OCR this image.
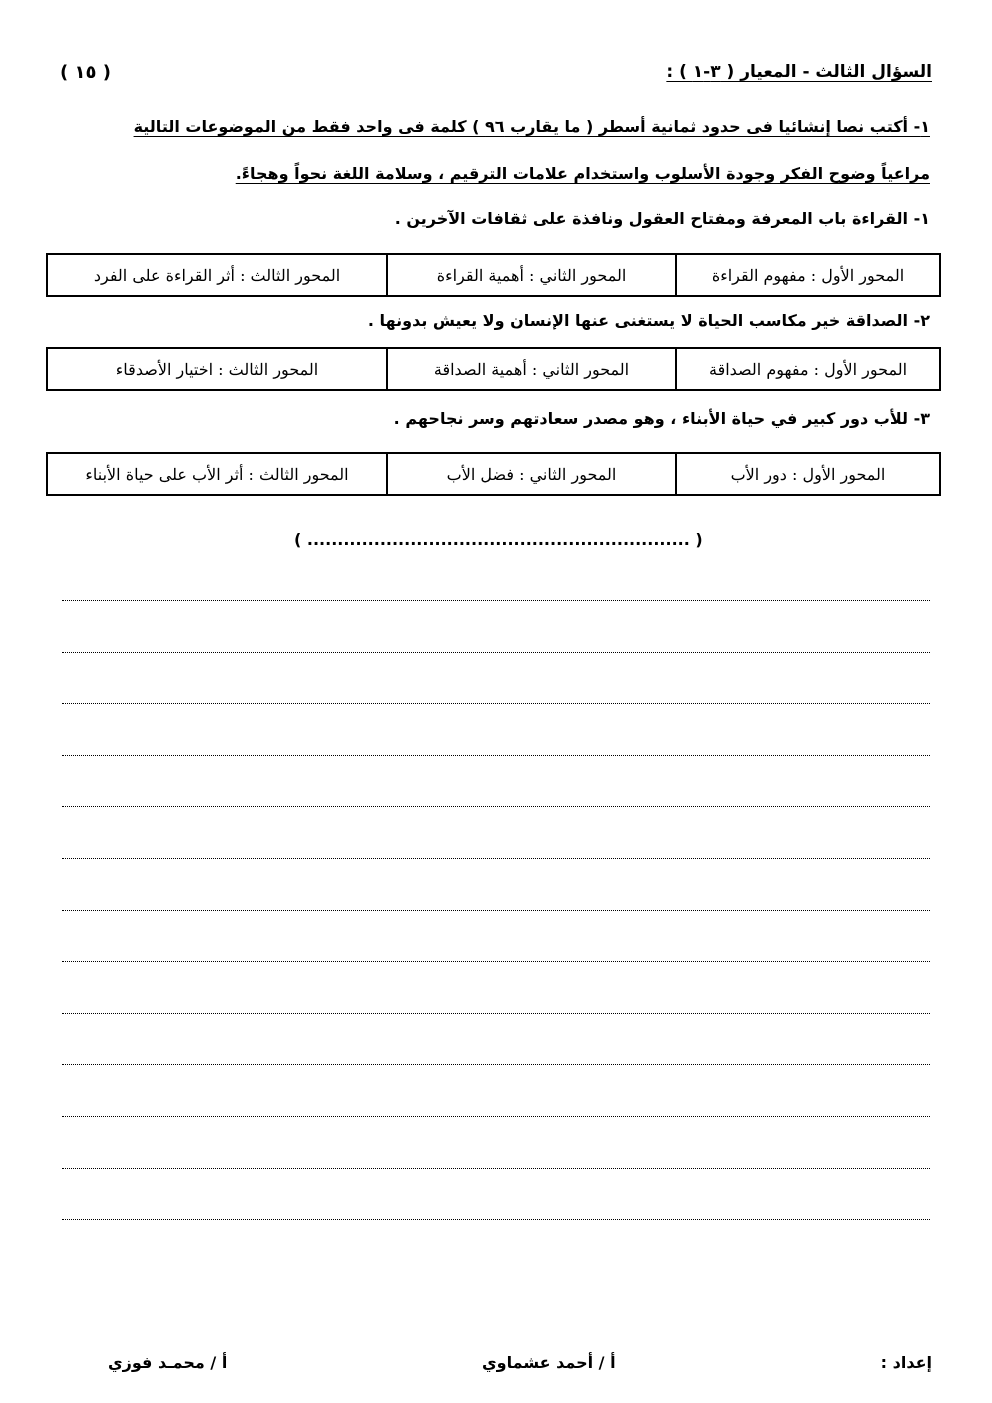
السؤال الثالث - المعيار ( ٣-١ ) :
( ١٥ )
١- أكتب نصا إنشائيا فى حدود ثمانية أسطر ( ما يقارب ٩٦ ) كلمة فى واحد فقط من الموضوعات التالية
مراعياً وضوح الفكر وجودة الأسلوب واستخدام علامات الترقيم ، وسلامة اللغة نحواً وهجاءً.
١- القراءة باب المعرفة ومفتاح العقول ونافذة على ثقافات الآخرين .
المحور الأول : مفهوم القراءة	المحور الثاني : أهمية القراءة	المحور الثالث : أثر القراءة على الفرد
٢- الصداقة خير مكاسب الحياة لا يستغنى عنها الإنسان ولا يعيش بدونها .
المحور الأول : مفهوم الصداقة	المحور الثاني : أهمية الصداقة	المحور الثالث : اختيار الأصدقاء
٣- للأب دور كبير في حياة الأبناء ، وهو مصدر سعادتهم وسر نجاحهم .
المحور الأول : دور الأب	المحور الثاني : فضل الأب	المحور الثالث : أثر الأب على حياة الأبناء
( ............................................................... )
إعداد :
أ / أحمد عشماوي
أ / محمـد فوزي
